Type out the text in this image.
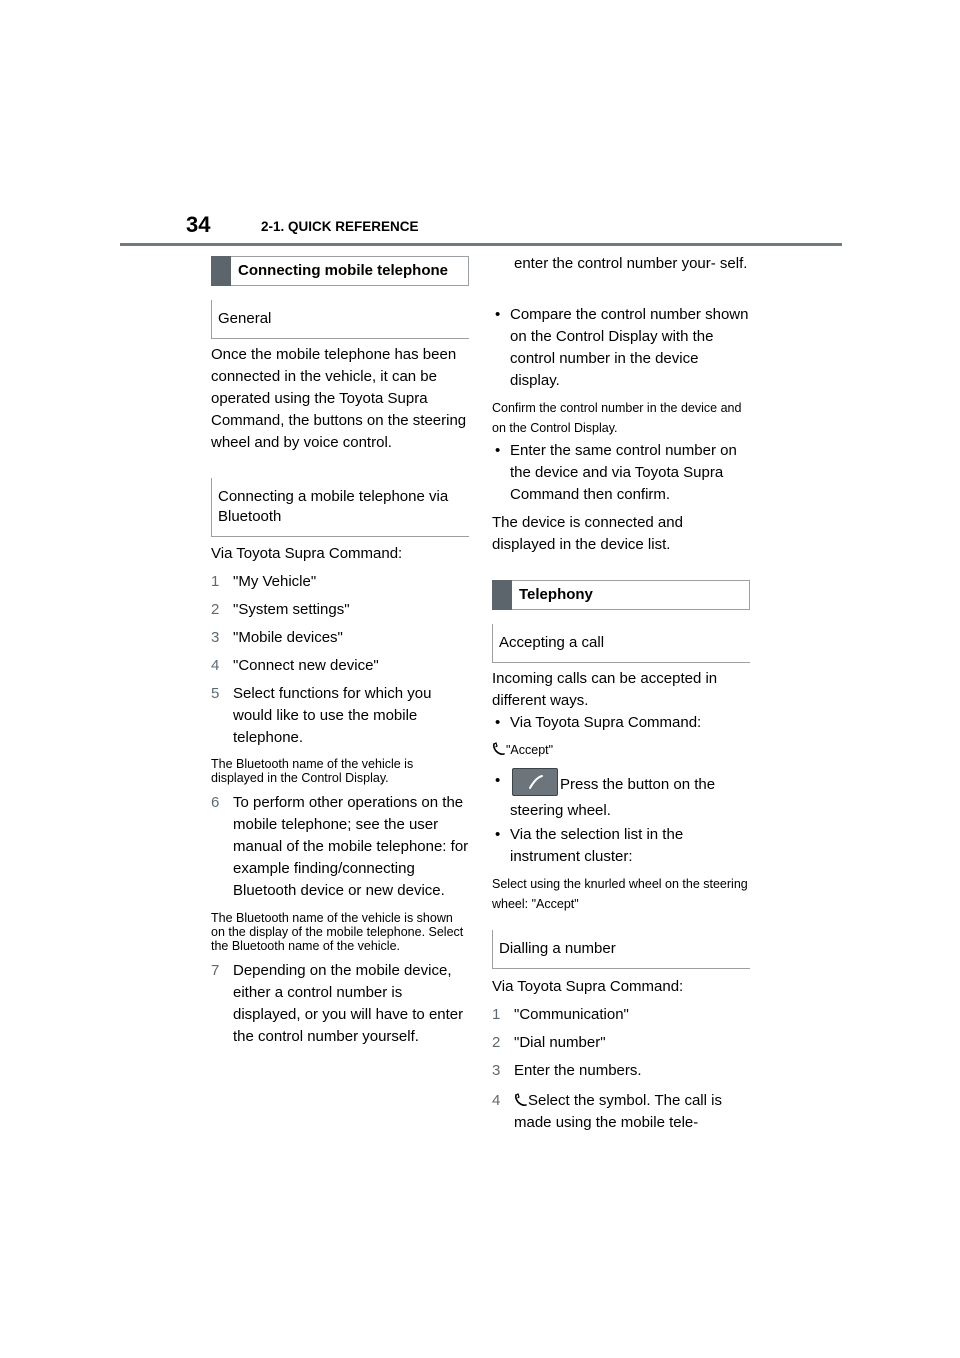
34	2-1. QUICK REFERENCE
Connecting mobile telephone
General

Once the mobile telephone has been connected in the vehicle, it can be operated using the Toyota Supra Command, the buttons on the steering wheel and by voice control.

Connecting a mobile telephone via Bluetooth

Via Toyota Supra Command:

1 "My Vehicle"
2 "System settings"
3 "Mobile devices"
4 "Connect new device"
5 Select functions for which you would like to use the mobile telephone.

The Bluetooth name of the vehicle is displayed in the Control Display.

6 To perform other operations on the mobile telephone; see the user manual of the mobile telephone: for example finding/connecting Bluetooth device or new device.

The Bluetooth name of the vehicle is shown on the display of the mobile telephone. Select the Bluetooth name of the vehicle.

7 Depending on the mobile device, either a control number is displayed, or you will have to enter the control number yourself.
• Compare the control number shown on the Control Display with the control number in the device display.

Confirm the control number in the device and on the Control Display.

• Enter the same control number on the device and via Toyota Supra Command then confirm.

The device is connected and displayed in the device list.

Telephony
Accepting a call

Incoming calls can be accepted in different ways.

• Via Toyota Supra Command:

"Accept"

• Press the button on the steering wheel.
• Via the selection list in the instrument cluster:

Select using the knurled wheel on the steering wheel: "Accept"

Dialling a number

Via Toyota Supra Command:

1 "Communication"
2 "Dial number"
3 Enter the numbers.
4 Select the symbol. The call is made using the mobile tele-
enter the control number your- self.
